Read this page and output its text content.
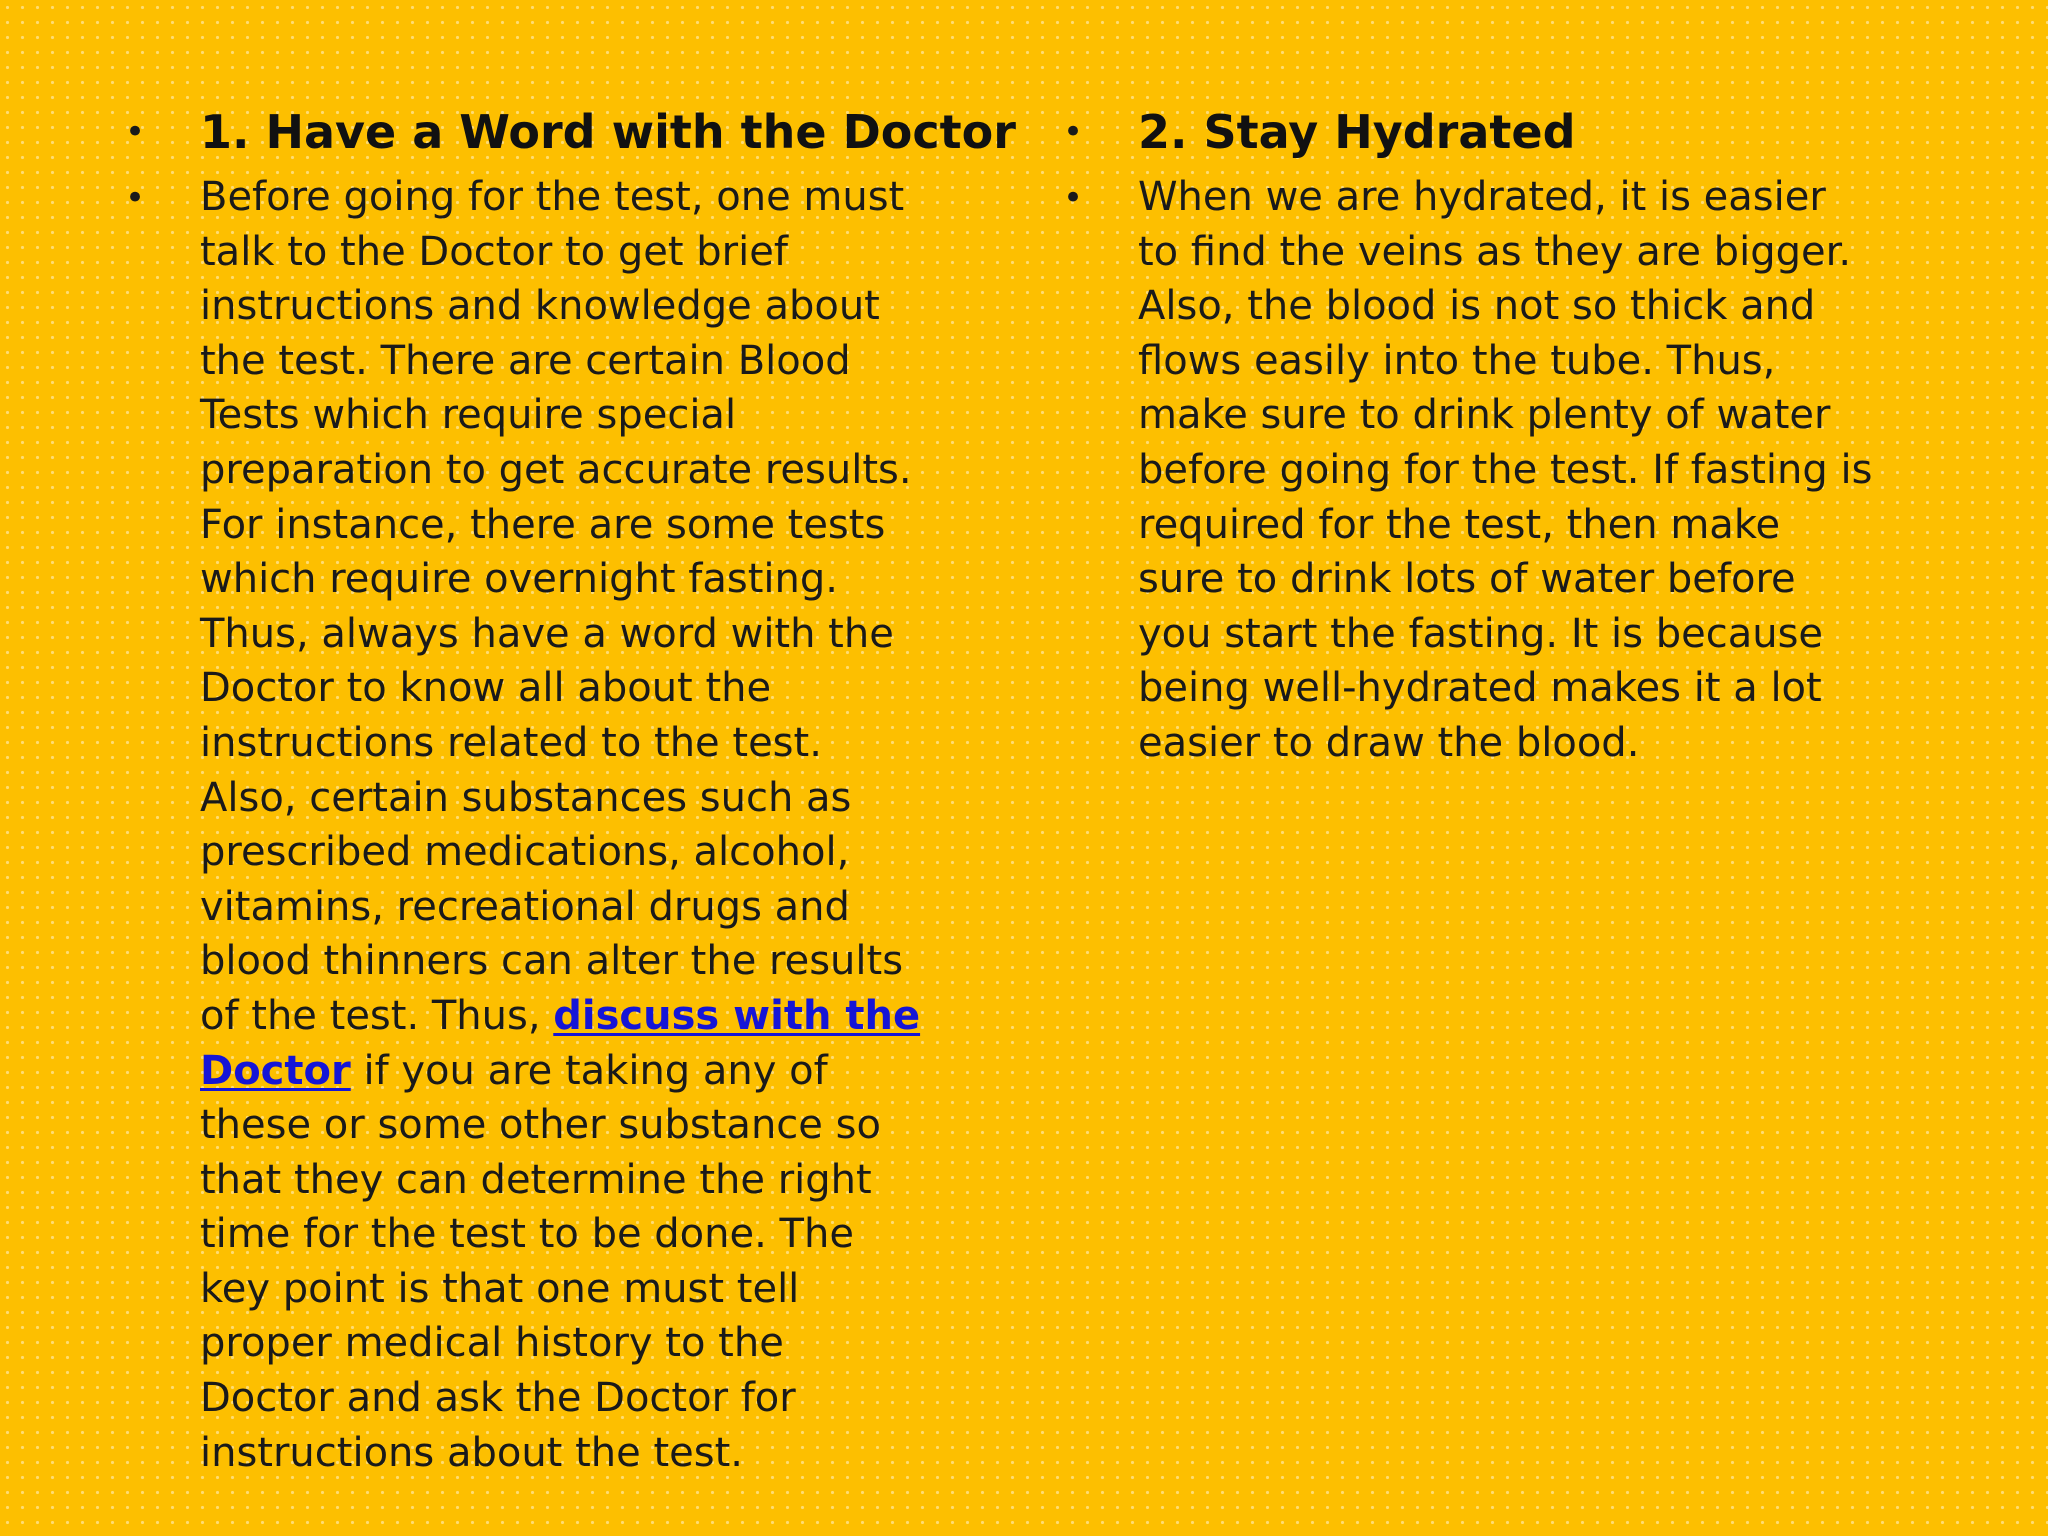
• 1. Have a Word with the Doctor
• Before going for the test, one must
talk to the Doctor to get brief
instructions and knowledge about
the test. There are certain Blood
Tests which require special
preparation to get accurate results.
For instance, there are some tests
which require overnight fasting.
Thus, always have a word with the
Doctor to know all about the
instructions related to the test.
Also, certain substances such as
prescribed medications, alcohol,
vitamins, recreational drugs and
blood thinners can alter the results
of the test. Thus, discuss with the
Doctor if you are taking any of
these or some other substance so
that they can determine the right
time for the test to be done. The
key point is that one must tell
proper medical history to the
Doctor and ask the Doctor for
instructions about the test.

• 2. Stay Hydrated
• When we are hydrated, it is easier
to find the veins as they are bigger.
Also, the blood is not so thick and
flows easily into the tube. Thus,
make sure to drink plenty of water
before going for the test. If fasting is
required for the test, then make
sure to drink lots of water before
you start the fasting. It is because
being well-hydrated makes it a lot
easier to draw the blood.
